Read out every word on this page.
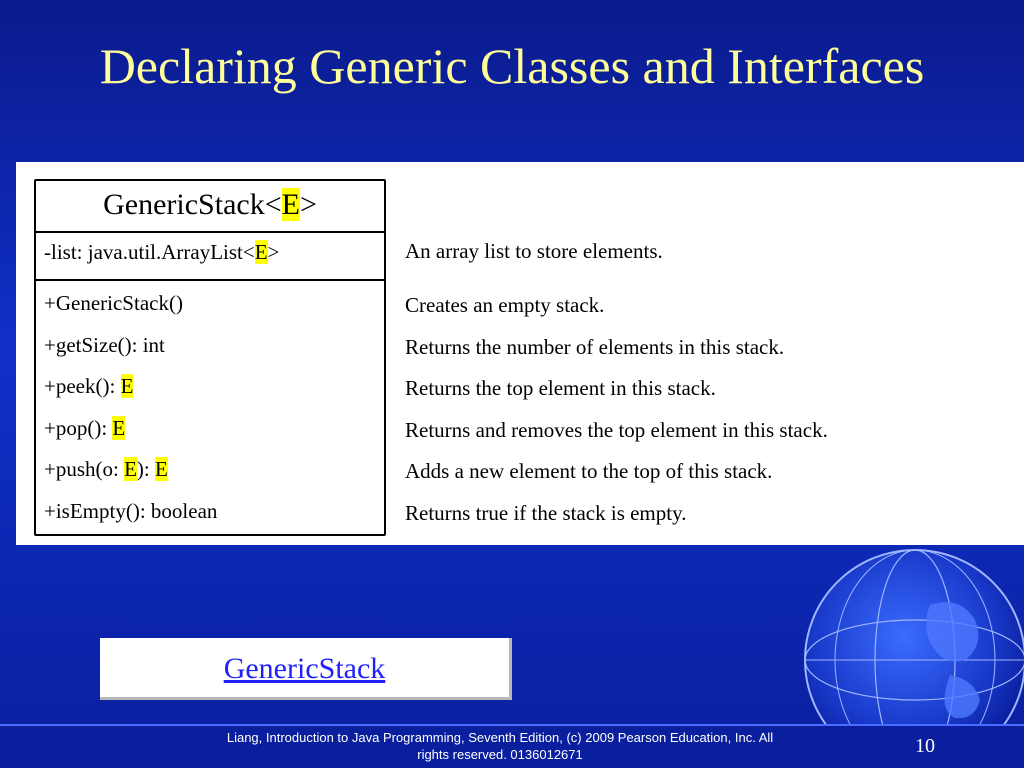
Declaring Generic Classes and Interfaces
GenericStack<E>
-list: java.util.ArrayList<E>
+GenericStack()
+getSize(): int
+peek(): E
+pop(): E
+push(o: E): E
+isEmpty(): boolean
An array list to store elements.
Creates an empty stack.
Returns the number of elements in this stack.
Returns the top element in this stack.
Returns and removes the top element in this stack.
Adds a new element to the top of this stack.
Returns true if the stack is empty.
GenericStack
Liang, Introduction to Java Programming, Seventh Edition, (c) 2009 Pearson Education, Inc. All
rights reserved. 0136012671	10
